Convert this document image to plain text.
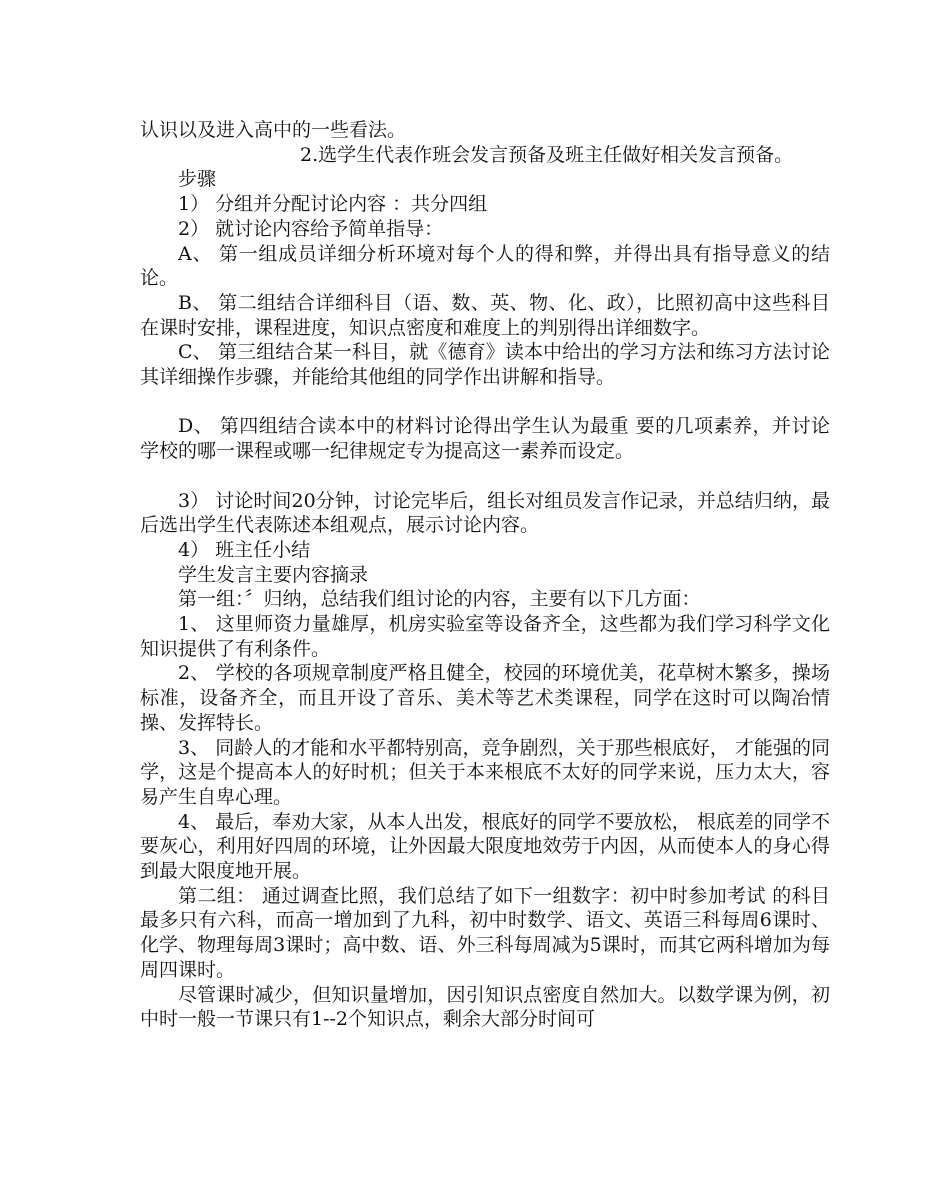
认识以及进入高中的一些看法。

2.选学生代表作班会发言预备及班主任做好相关发言预备。

步骤

1） 分组并分配讨论内容 ：共分四组

2） 就讨论内容给予简单指导：

A、 第一组成员详细分析环境对每个人的得和弊，并得出具有指导意义的结论。

B、 第二组结合详细科目（语、数、英、物、化、政），比照初高中这些科目在课时安排，课程进度，知识点密度和难度上的判别得出详细数字。

C、 第三组结合某一科目，就《德育》读本中给出的学习方法和练习方法讨论其详细操作步骤，并能给其他组的同学作出讲解和指导。

D、 第四组结合读本中的材料讨论得出学生认为最重 要的几项素养，并讨论学校的哪一课程或哪一纪律规定专为提高这一素养而设定。

3） 讨论时间20分钟，讨论完毕后，组长对组员发言作记录，并总结归纳，最后选出学生代表陈述本组观点，展示讨论内容。

4） 班主任小结

学生发言主要内容摘录

第一组：〞归纳，总结我们组讨论的内容，主要有以下几方面：

1、 这里师资力量雄厚，机房实验室等设备齐全，这些都为我们学习科学文化知识提供了有利条件。

2、 学校的各项规章制度严格且健全，校园的环境优美，花草树木繁多，操场标准，设备齐全，而且开设了音乐、美术等艺术类课程，同学在这时可以陶冶情操、发挥特长。

3、 同龄人的才能和水平都特别高，竞争剧烈，关于那些根底好， 才能强的同学，这是个提高本人的好时机；但关于本来根底不太好的同学来说，压力太大，容易产生自卑心理。

4、 最后，奉劝大家，从本人出发，根底好的同学不要放松， 根底差的同学不要灰心，利用好四周的环境，让外因最大限度地效劳于内因，从而使本人的身心得到最大限度地开展。

第二组： 通过调查比照，我们总结了如下一组数字：初中时参加考试 的科目最多只有六科，而高一增加到了九科，初中时数学、语文、英语三科每周6课时、化学、物理每周3课时；高中数、语、外三科每周减为5课时，而其它两科增加为每周四课时。

尽管课时减少，但知识量增加，因引知识点密度自然加大。以数学课为例，初中时一般一节课只有1--2个知识点，剩余大部分时间可
